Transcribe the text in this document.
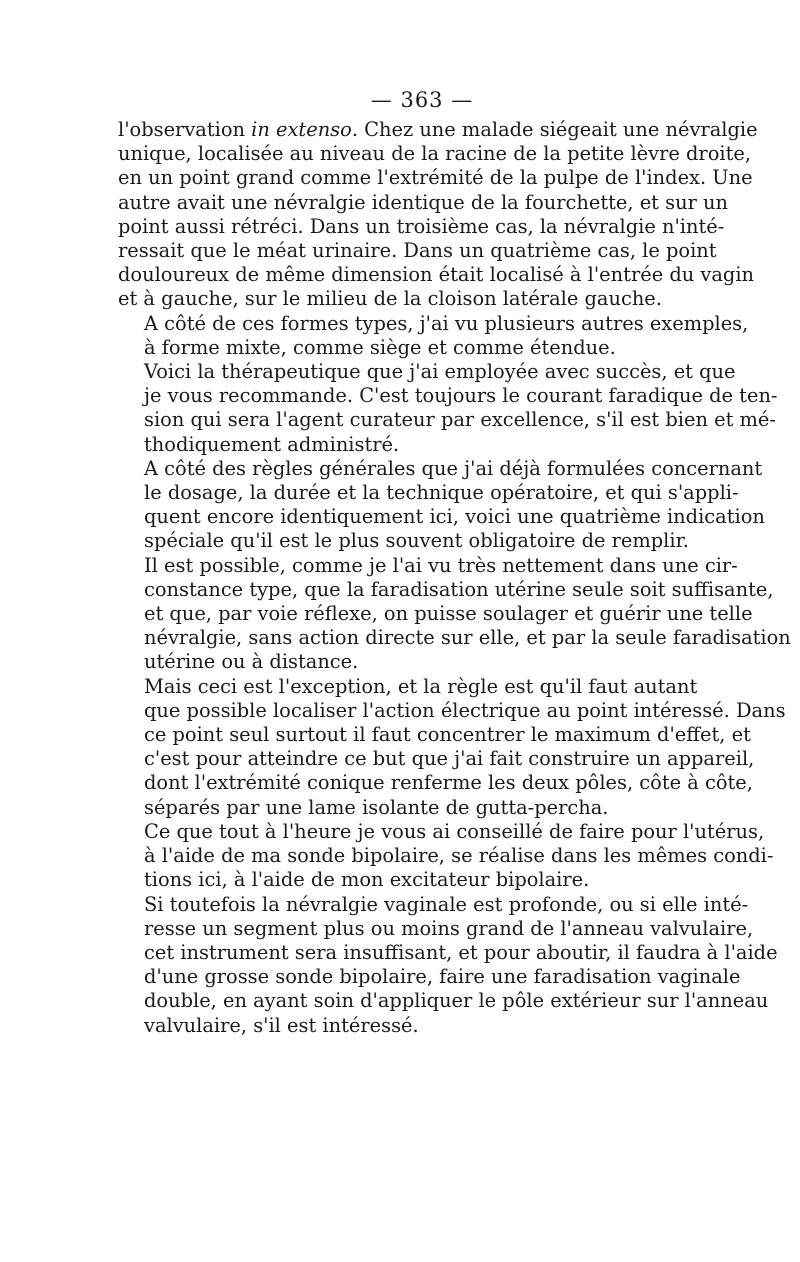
— 363 —

l'observation in extenso. Chez une malade siégeait une névralgie
unique, localisée au niveau de la racine de la petite lèvre droite,
en un point grand comme l'extrémité de la pulpe de l'index. Une
autre avait une névralgie identique de la fourchette, et sur un
point aussi rétréci. Dans un troisième cas, la névralgie n'inté-
ressait que le méat urinaire. Dans un quatrième cas, le point
douloureux de même dimension était localisé à l'entrée du vagin
et à gauche, sur le milieu de la cloison latérale gauche.

A côté de ces formes types, j'ai vu plusieurs autres exemples,
à forme mixte, comme siège et comme étendue.

Voici la thérapeutique que j'ai employée avec succès, et que
je vous recommande. C'est toujours le courant faradique de ten-
sion qui sera l'agent curateur par excellence, s'il est bien et mé-
thodiquement administré.

A côté des règles générales que j'ai déjà formulées concernant
le dosage, la durée et la technique opératoire, et qui s'appli-
quent encore identiquement ici, voici une quatrième indication
spéciale qu'il est le plus souvent obligatoire de remplir.

Il est possible, comme je l'ai vu très nettement dans une cir-
constance type, que la faradisation utérine seule soit suffisante,
et que, par voie réflexe, on puisse soulager et guérir une telle
névralgie, sans action directe sur elle, et par la seule faradisation
utérine ou à distance.

Mais ceci est l'exception, et la règle est qu'il faut autant
que possible localiser l'action électrique au point intéressé. Dans
ce point seul surtout il faut concentrer le maximum d'effet, et
c'est pour atteindre ce but que j'ai fait construire un appareil,
dont l'extrémité conique renferme les deux pôles, côte à côte,
séparés par une lame isolante de gutta-percha.

Ce que tout à l'heure je vous ai conseillé de faire pour l'utérus,
à l'aide de ma sonde bipolaire, se réalise dans les mêmes condi-
tions ici, à l'aide de mon excitateur bipolaire.

Si toutefois la névralgie vaginale est profonde, ou si elle inté-
resse un segment plus ou moins grand de l'anneau valvulaire,
cet instrument sera insuffisant, et pour aboutir, il faudra à l'aide
d'une grosse sonde bipolaire, faire une faradisation vaginale
double, en ayant soin d'appliquer le pôle extérieur sur l'anneau
valvulaire, s'il est intéressé.
